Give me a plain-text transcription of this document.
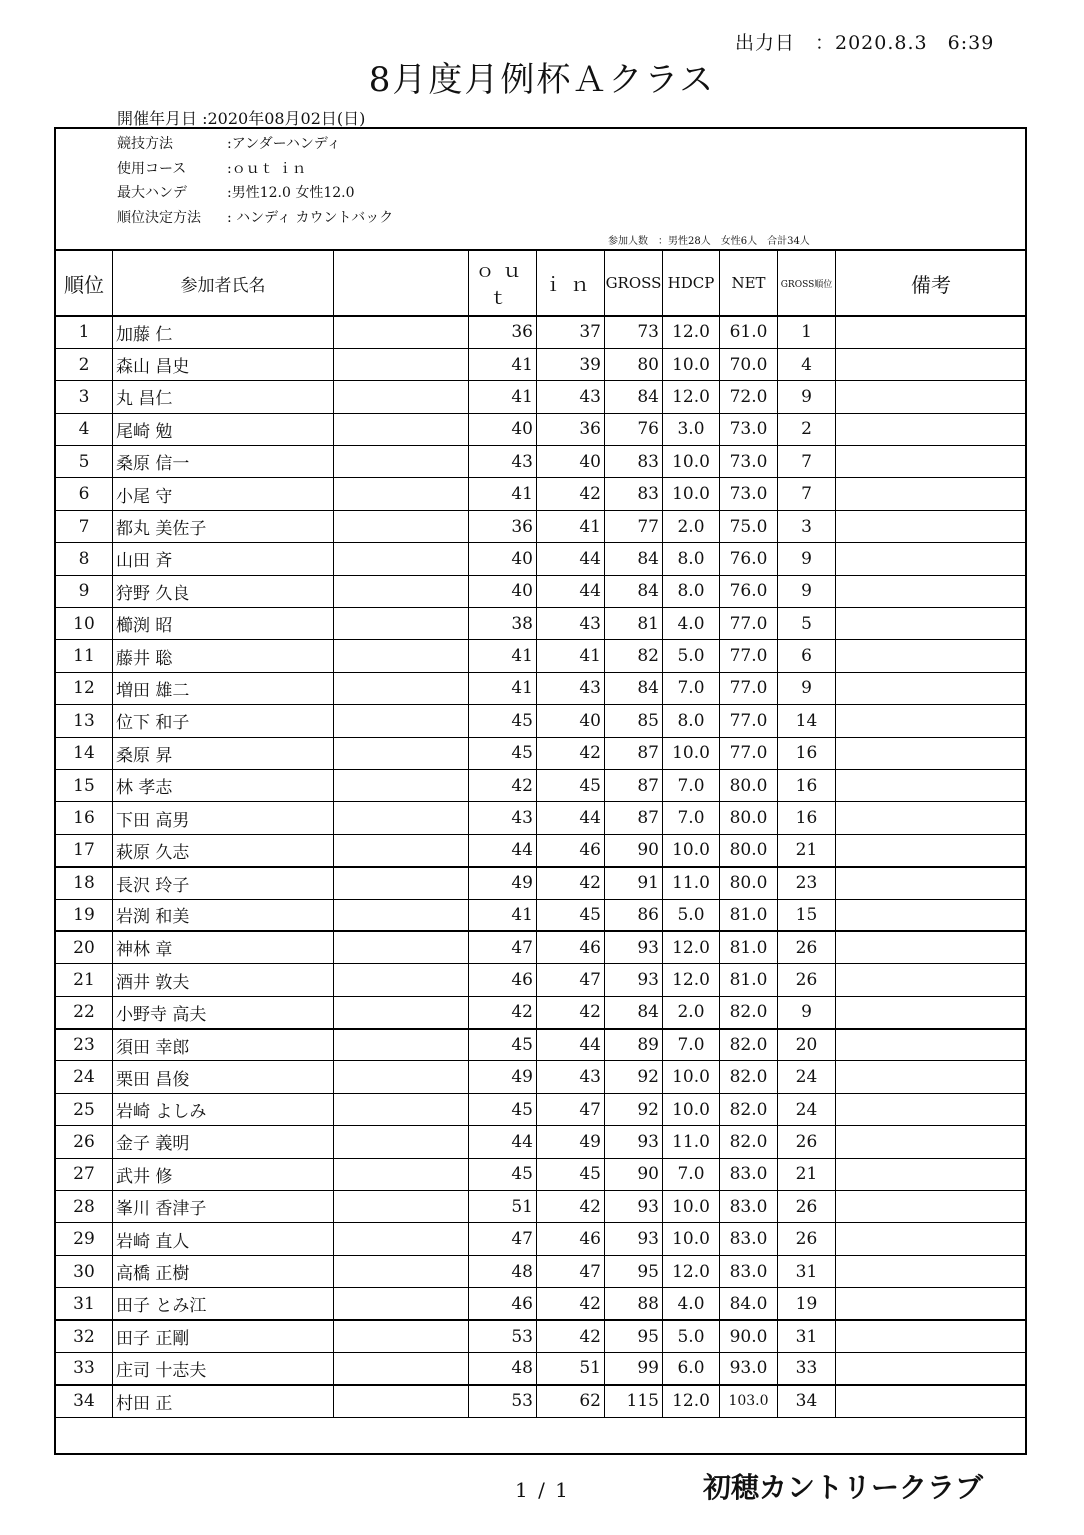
出力日　：2020.8.3　6:39
8月度月例杯Ａクラス
開催年月日 :2020年08月02日(日)
競技方法	:アンダーハンディ
使用コース	:ｏｕｔ ｉｎ
最大ハンデ	:男性12.0 女性12.0
順位決定方法 : ハンディ カウントバック
参加人数　：男性28人　女性6人　合計34人
順位	参加者氏名		ｏｕｔ	ｉｎ	GROSS	HDCP	NET	GROSS順位	備考
1	加藤 仁		36	37	73	12.0	61.0	1	
2	森山 昌史		41	39	80	10.0	70.0	4	
3	丸 昌仁		41	43	84	12.0	72.0	9	
4	尾崎 勉		40	36	76	3.0	73.0	2	
5	桑原 信一		43	40	83	10.0	73.0	7	
6	小尾 守		41	42	83	10.0	73.0	7	
7	都丸 美佐子		36	41	77	2.0	75.0	3	
8	山田 斉		40	44	84	8.0	76.0	9	
9	狩野 久良		40	44	84	8.0	76.0	9	
10	櫛渕 昭		38	43	81	4.0	77.0	5	
11	藤井 聡		41	41	82	5.0	77.0	6	
12	増田 雄二		41	43	84	7.0	77.0	9	
13	位下 和子		45	40	85	8.0	77.0	14	
14	桑原 昇		45	42	87	10.0	77.0	16	
15	林 孝志		42	45	87	7.0	80.0	16	
16	下田 高男		43	44	87	7.0	80.0	16	
17	萩原 久志		44	46	90	10.0	80.0	21	
18	長沢 玲子		49	42	91	11.0	80.0	23	
19	岩渕 和美		41	45	86	5.0	81.0	15	
20	神林 章		47	46	93	12.0	81.0	26	
21	酒井 敦夫		46	47	93	12.0	81.0	26	
22	小野寺 高夫		42	42	84	2.0	82.0	9	
23	須田 幸郎		45	44	89	7.0	82.0	20	
24	栗田 昌俊		49	43	92	10.0	82.0	24	
25	岩崎 よしみ		45	47	92	10.0	82.0	24	
26	金子 義明		44	49	93	11.0	82.0	26	
27	武井 修		45	45	90	7.0	83.0	21	
28	峯川 香津子		51	42	93	10.0	83.0	26	
29	岩崎 直人		47	46	93	10.0	83.0	26	
30	高橋 正樹		48	47	95	12.0	83.0	31	
31	田子 とみ江		46	42	88	4.0	84.0	19	
32	田子 正剛		53	42	95	5.0	90.0	31	
33	庄司 十志夫		48	51	99	6.0	93.0	33	
34	村田 正		53	62	115	12.0	103.0	34	
1 / 1	初穂カントリークラブ
